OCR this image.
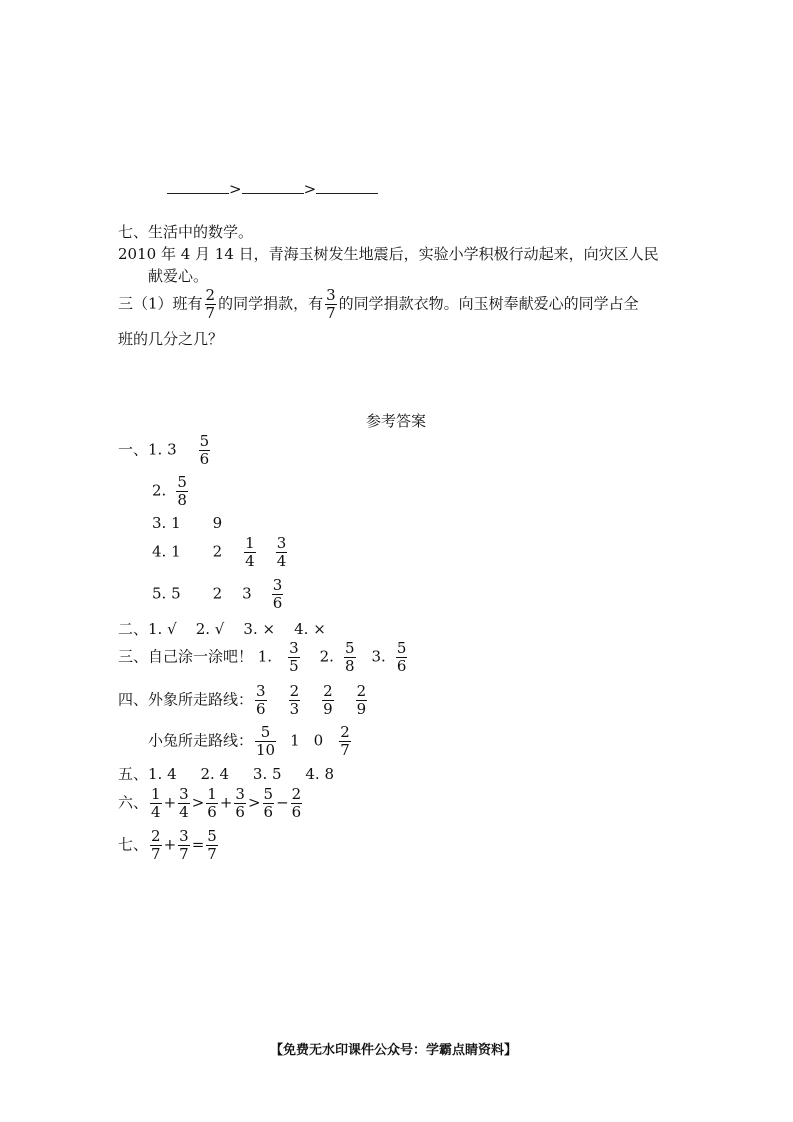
>	>
七、生活中的数学。
2010 年 4 月 14 日，青海玉树发生地震后，实验小学积极行动起来，向灾区人民
献爱心。
三（1）班有 $\frac{2}{7}$ 的同学捐款，有 $\frac{3}{7}$ 的同学捐款衣物。向玉树奉献爱心的同学占全
班的几分之几？
参考答案
一、1. $3 \frac{5}{6}$
2. $\frac{5}{8}$
3. 1 9
4. 1 $2 \frac{1}{4} \frac{3}{4}$
5. 5 2 $3 \frac{3}{6}$
二、1. √    2. √    3. ×    4. ×
三、自己涂一涂吧！ 1. $\frac{3}{5} 2$. $\frac{5}{8} 3$. $\frac{5}{6}$
四、外象所走路线： $\frac{3}{6} \frac{2}{3} \frac{2}{9} \frac{2}{9}$
小兔所走路线： $\frac{5}{10} 1$ $0 \frac{2}{7}$
五、1. 4     2. 4     3. 5     4. 8
六、 $\frac{1}{4} + \frac{3}{4} > \frac{1}{6} + \frac{3}{6} > \frac{5}{6} - \frac{2}{6}$
七、 $\frac{2}{7} + \frac{3}{7} = \frac{5}{7}$
【免费无水印课件公众号：学霸点睛资料】
